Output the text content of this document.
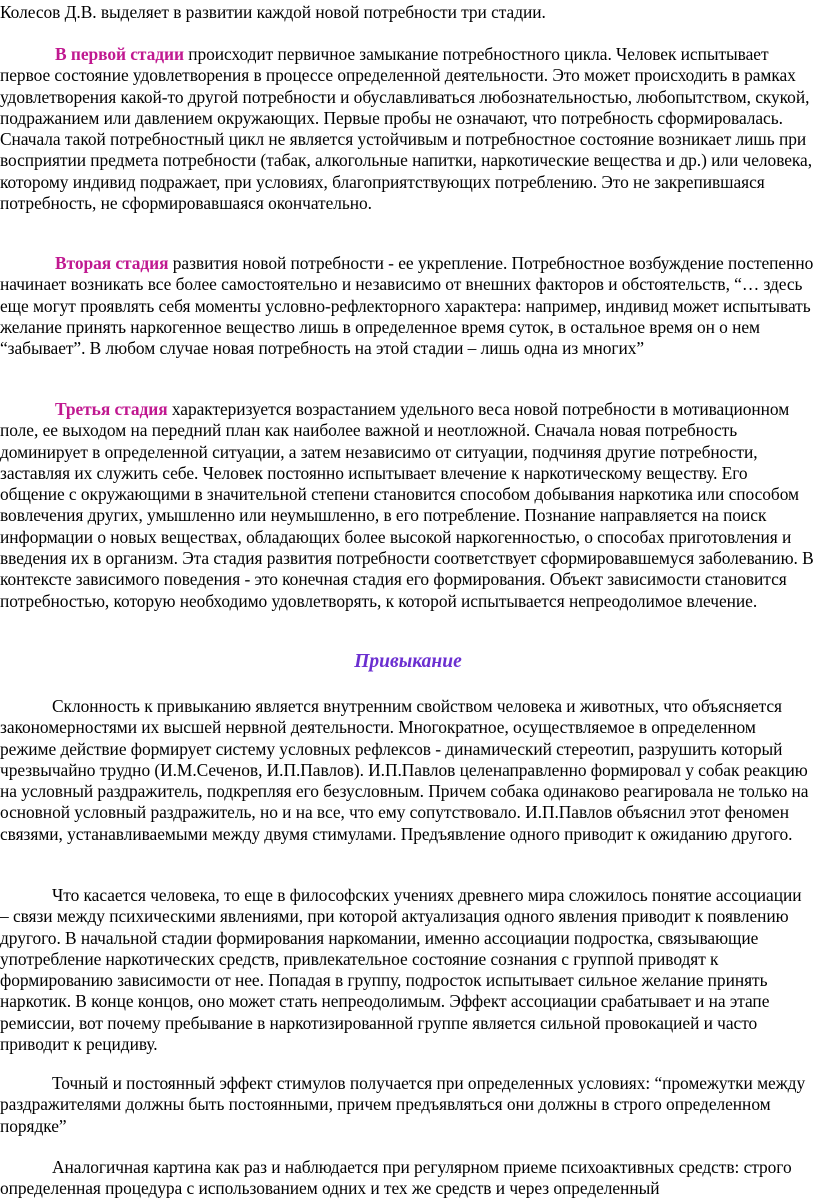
Колесов Д.В. выделяет в развитии каждой новой потребности три стадии.

В первой стадии происходит первичное замыкание потребностного цикла. Человек испытывает первое состояние удовлетворения в процессе определенной деятельности. Это может происходить в рамках удовлетворения какой-то другой потребности и обуславливаться любознательностью, любопытством, скукой, подражанием или давлением окружающих. Первые пробы не означают, что потребность сформировалась. Сначала такой потребностный цикл не является устойчивым и потребностное состояние возникает лишь при восприятии предмета потребности (табак, алкогольные напитки, наркотические вещества и др.) или человека, которому индивид подражает, при условиях, благоприятствующих потреблению. Это не закрепившаяся потребность, не сформировавшаяся окончательно.

Вторая стадия развития новой потребности - ее укрепление. Потребностное возбуждение постепенно начинает возникать все более самостоятельно и независимо от внешних факторов и обстоятельств, “… здесь еще могут проявлять себя моменты условно-рефлекторного характера: например, индивид может испытывать желание принять наркогенное вещество лишь в определенное время суток, в остальное время он о нем “забывает”. В любом случае новая потребность на этой стадии – лишь одна из многих”

Третья стадия характеризуется возрастанием удельного веса новой потребности в мотивационном поле, ее выходом на передний план как наиболее важной и неотложной. Сначала новая потребность доминирует в определенной ситуации, а затем независимо от ситуации, подчиняя другие потребности, заставляя их служить себе. Человек постоянно испытывает влечение к наркотическому веществу. Его общение с окружающими в значительной степени становится способом добывания наркотика или способом вовлечения других, умышленно или неумышленно, в его потребление. Познание направляется на поиск информации о новых веществах, обладающих более высокой наркогенностью, о способах приготовления и введения их в организм. Эта стадия развития потребности соответствует сформировавшемуся заболеванию. В контексте зависимого поведения - это конечная стадия его формирования. Объект зависимости становится потребностью, которую необходимо удовлетворять, к которой испытывается непреодолимое влечение.

Привыкание

Склонность к привыканию является внутренним свойством человека и животных, что объясняется закономерностями их высшей нервной деятельности. Многократное, осуществляемое в определенном режиме действие формирует систему условных рефлексов - динамический стереотип, разрушить который чрезвычайно трудно (И.М.Сеченов, И.П.Павлов). И.П.Павлов целенаправленно формировал у собак реакцию на условный раздражитель, подкрепляя его безусловным. Причем собака одинаково реагировала не только на основной условный раздражитель, но и на все, что ему сопутствовало. И.П.Павлов объяснил этот феномен связями, устанавливаемыми между двумя стимулами. Предъявление одного приводит к ожиданию другого.

Что касается человека, то еще в философских учениях древнего мира сложилось понятие ассоциации – связи между психическими явлениями, при которой актуализация одного явления приводит к появлению другого. В начальной стадии формирования наркомании, именно ассоциации подростка, связывающие употребление наркотических средств, привлекательное состояние сознания с группой приводят к формированию зависимости от нее. Попадая в группу, подросток испытывает сильное желание принять наркотик. В конце концов, оно может стать непреодолимым. Эффект ассоциации срабатывает и на этапе ремиссии, вот почему пребывание в наркотизированной группе является сильной провокацией и часто приводит к рецидиву.

Точный и постоянный эффект стимулов получается при определенных условиях: “промежутки между раздражителями должны быть постоянными, причем предъявляться они должны в строго определенном порядке”

Аналогичная картина как раз и наблюдается при регулярном приеме психоактивных средств: строго определенная процедура с использованием одних и тех же средств и через определенный
